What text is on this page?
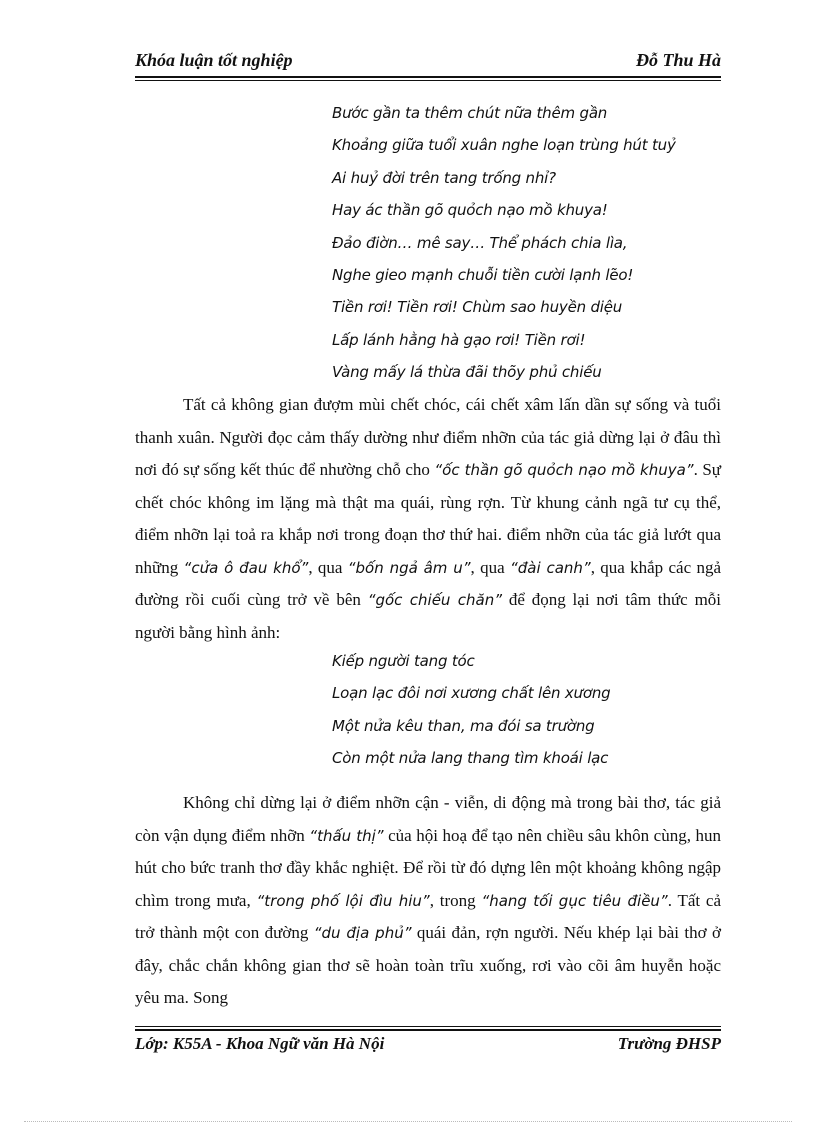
Khóa luận tốt nghiệp	Đỗ Thu Hà
Bước gần ta thêm chút nữa thêm gần
Khoảng giữa tuổi xuân nghe loạn trùng hút tuỷ
Ai huỷ đời trên tang trống nhỉ?
Hay ác thần gõ quỏch nạo mồ khuya!
Đảo điờn… mê say… Thể phách chia lìa,
Nghe gieo mạnh chuỗi tiền cười lạnh lẽo!
Tiền rơi! Tiền rơi! Chùm sao huyền diệu
Lấp lánh hằng hà gạo rơi! Tiền rơi!
Vàng mấy lá thừa đãi thõy phủ chiếu
Tất cả không gian đượm mùi chết chóc, cái chết xâm lấn dần sự sống và tuổi thanh xuân. Người đọc cảm thấy dường như điểm nhỡn của tác giả dừng lại ở đâu thì nơi đó sự sống kết thúc để nhường chỗ cho “ốc thần gõ quỏch nạo mồ khuya”. Sự chết chóc không im lặng mà thật ma quái, rùng rợn. Từ khung cảnh ngã tư cụ thể, điểm nhỡn lại toả ra khắp nơi trong đoạn thơ thứ hai. điểm nhỡn của tác giả lướt qua những “cửa ô đau khổ”, qua “bốn ngả âm u”, qua “đài canh”, qua khắp các ngả đường rồi cuối cùng trở về bên “gốc chiếu chăn” để đọng lại nơi tâm thức mỗi người bằng hình ảnh:
Kiếp người tang tóc
Loạn lạc đôi nơi xương chất lên xương
Một nửa kêu than, ma đói sa trường
Còn một nửa lang thang tìm khoái lạc
Không chỉ dừng lại ở điểm nhỡn cận - viễn, di động mà trong bài thơ, tác giả còn vận dụng điểm nhỡn “thấu thị” của hội hoạ để tạo nên chiều sâu khôn cùng, hun hút cho bức tranh thơ đầy khắc nghiệt. Để rồi từ đó dựng lên một khoảng không ngập chìm trong mưa, “trong phố lội đìu hiu”, trong “hang tối gục tiêu điều”. Tất cả trở thành một con đường “du địa phủ” quái đản, rợn người. Nếu khép lại bài thơ ở đây, chắc chắn không gian thơ sẽ hoàn toàn trĩu xuống, rơi vào cõi âm huyễn hoặc yêu ma. Song
Lớp: K55A - Khoa Ngữ văn Hà Nội	Trường ĐHSP
